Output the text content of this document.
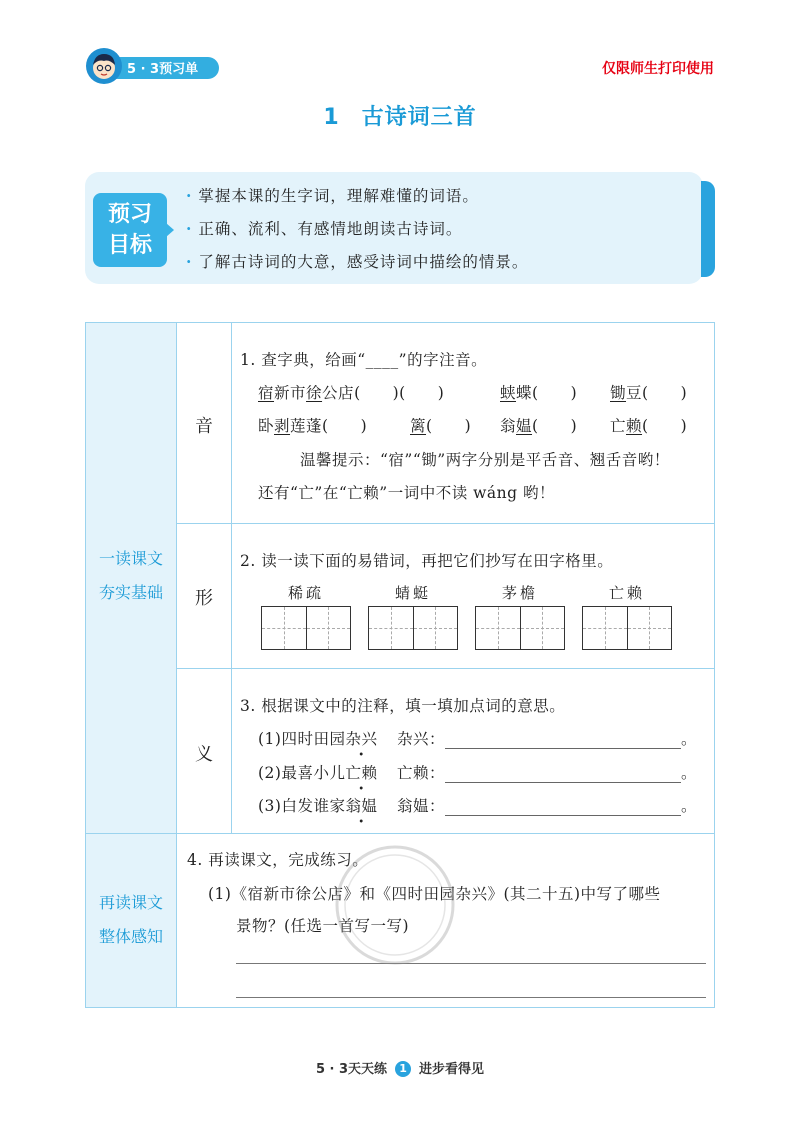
5 · 3预习单	仅限师生打印使用
1 古诗词三首
预习
目标
· 掌握本课的生字词，理解难懂的词语。
· 正确、流利、有感情地朗读古诗词。
· 了解古诗词的大意，感受诗词中描绘的情景。
一读课文
夯实基础
再读课文
整体感知
音
形
义
1. 查字典，给画“____”的字注音。
宿新市徐公店(　　)(　　)	蛱蝶(　　) 锄豆(　　)
卧剥莲蓬(　　)	篱(　　) 翁媪(　　) 亡赖(　　)
温馨提示：“宿”“锄”两字分别是平舌音、翘舌音哟！
还有“亡”在“亡赖”一词中不读 wáng 哟！
2. 读一读下面的易错词，再把它们抄写在田字格里。
稀疏	蜻蜓	茅檐	亡赖
3. 根据课文中的注释，填一填加点词的意思。
(1)四时田园杂兴 杂兴：	。
(2)最喜小儿亡赖 亡赖：	。
(3)白发谁家翁媪 翁媪：	。
4. 再读课文，完成练习。
(1)《宿新市徐公店》和《四时田园杂兴》(其二十五)中写了哪些
景物？(任选一首写一写)
5 · 3天天练 1 进步看得见
